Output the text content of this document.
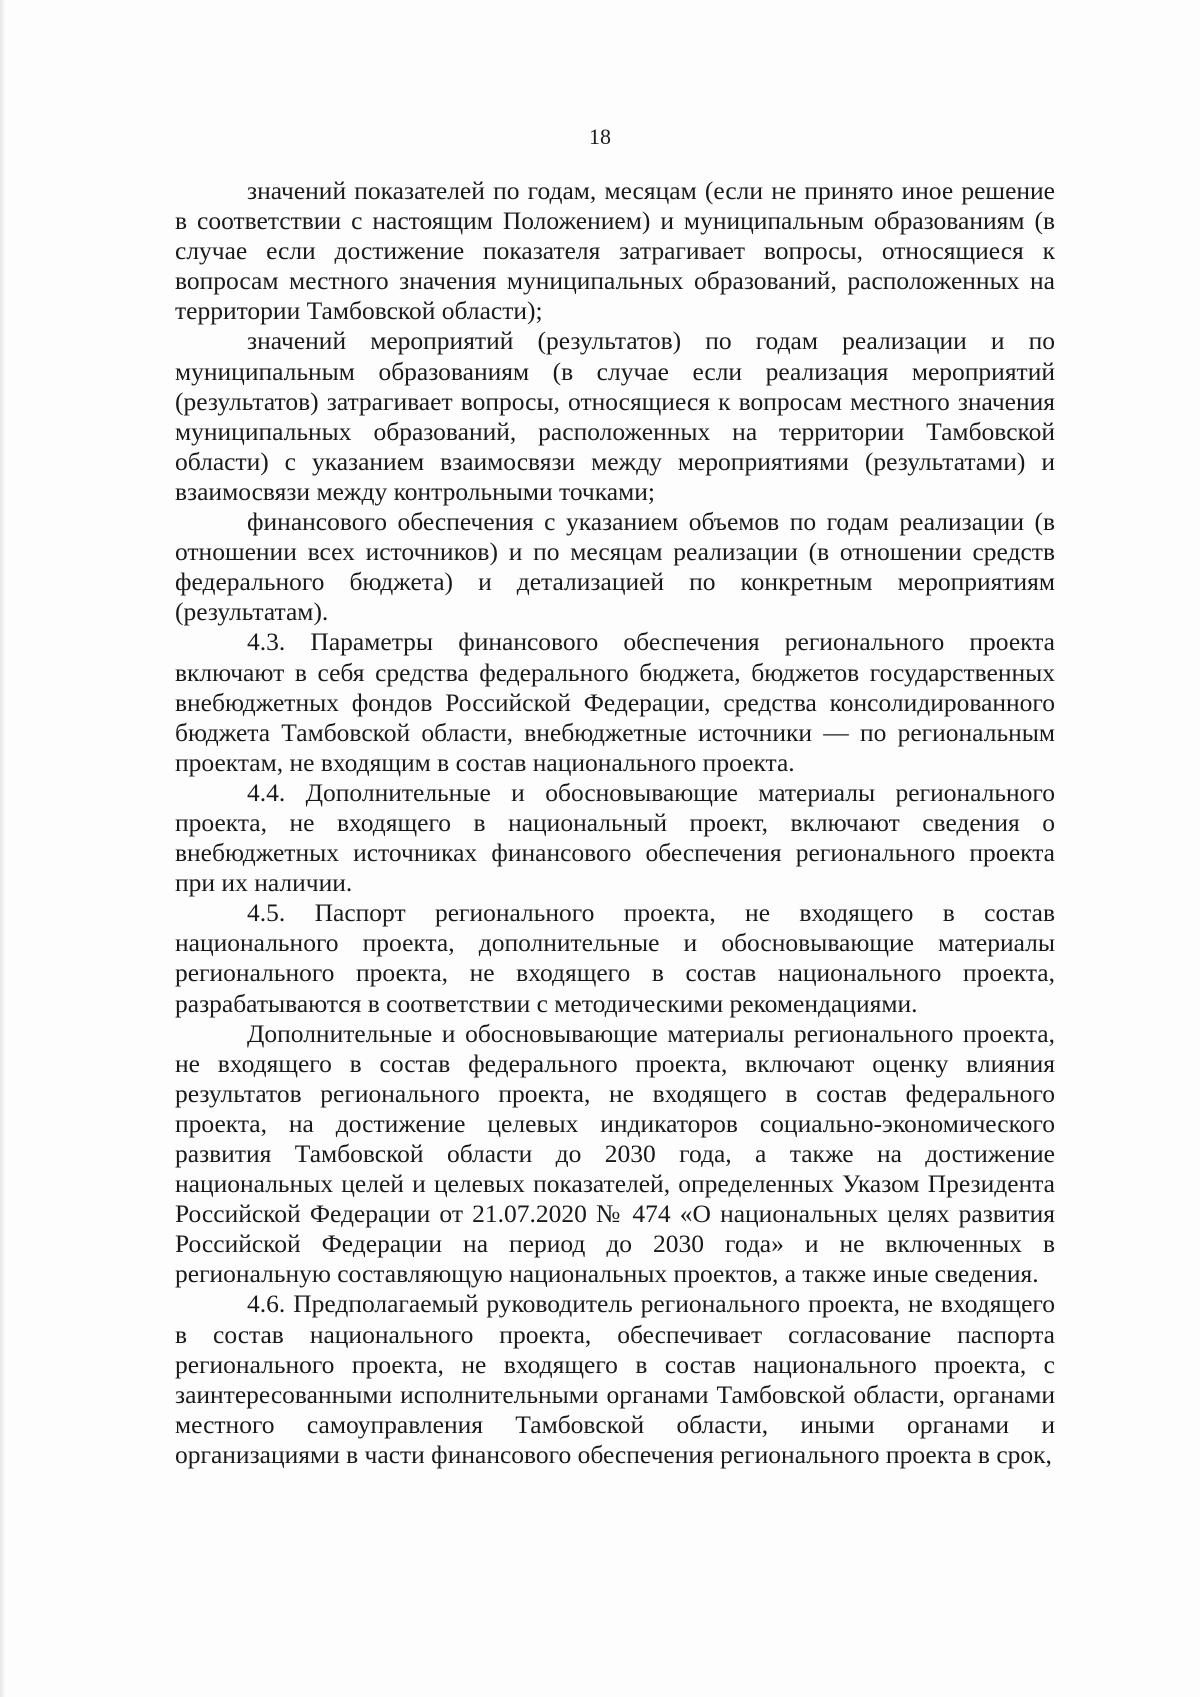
18

значений показателей по годам, месяцам (если не принято иное решение в соответствии с настоящим Положением) и муниципальным образованиям (в случае если достижение показателя затрагивает вопросы, относящиеся к вопросам местного значения муниципальных образований, расположенных на территории Тамбовской области);

значений мероприятий (результатов) по годам реализации и по муниципальным образованиям (в случае если реализация мероприятий (результатов) затрагивает вопросы, относящиеся к вопросам местного значения муниципальных образований, расположенных на территории Тамбовской области) с указанием взаимосвязи между мероприятиями (результатами) и взаимосвязи между контрольными точками;

финансового обеспечения с указанием объемов по годам реализации (в отношении всех источников) и по месяцам реализации (в отношении средств федерального бюджета) и детализацией по конкретным мероприятиям (результатам).

4.3. Параметры финансового обеспечения регионального проекта включают в себя средства федерального бюджета, бюджетов государственных внебюджетных фондов Российской Федерации, средства консолидированного бюджета Тамбовской области, внебюджетные источники — по региональным проектам, не входящим в состав национального проекта.

4.4. Дополнительные и обосновывающие материалы регионального проекта, не входящего в национальный проект, включают сведения о внебюджетных источниках финансового обеспечения регионального проекта при их наличии.

4.5. Паспорт регионального проекта, не входящего в состав национального проекта, дополнительные и обосновывающие материалы регионального проекта, не входящего в состав национального проекта, разрабатываются в соответствии с методическими рекомендациями.

Дополнительные и обосновывающие материалы регионального проекта, не входящего в состав федерального проекта, включают оценку влияния результатов регионального проекта, не входящего в состав федерального проекта, на достижение целевых индикаторов социально-экономического развития Тамбовской области до 2030 года, а также на достижение национальных целей и целевых показателей, определенных Указом Президента Российской Федерации от 21.07.2020 № 474 «О национальных целях развития Российской Федерации на период до 2030 года» и не включенных в региональную составляющую национальных проектов, а также иные сведения.

4.6. Предполагаемый руководитель регионального проекта, не входящего в состав национального проекта, обеспечивает согласование паспорта регионального проекта, не входящего в состав национального проекта, с заинтересованными исполнительными органами Тамбовской области, органами местного самоуправления Тамбовской области, иными органами и организациями в части финансового обеспечения регионального проекта в срок,
